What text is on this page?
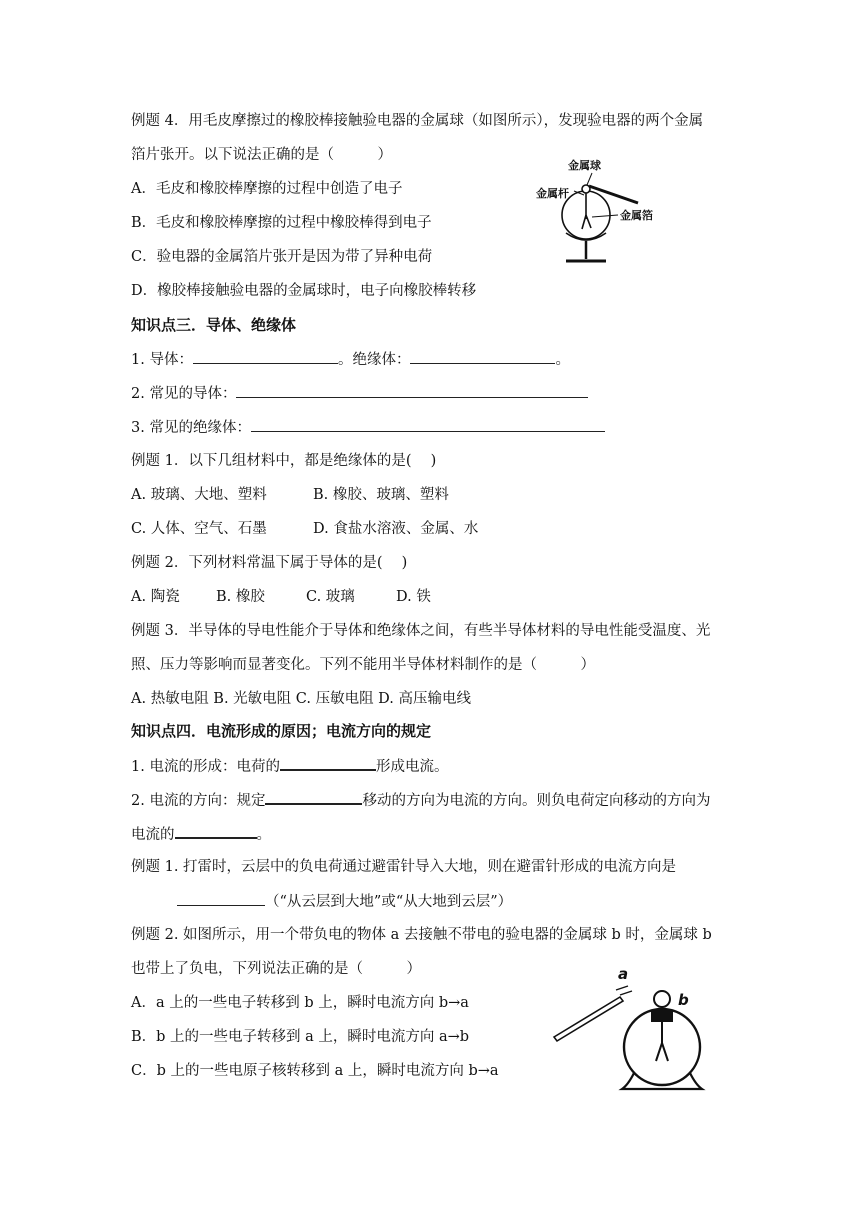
例题 4．用毛皮摩擦过的橡胶棒接触验电器的金属球（如图所示），发现验电器的两个金属
箔片张开。以下说法正确的是（　　　）
A．毛皮和橡胶棒摩擦的过程中创造了电子
B．毛皮和橡胶棒摩擦的过程中橡胶棒得到电子
C．验电器的金属箔片张开是因为带了异种电荷
D．橡胶棒接触验电器的金属球时，电子向橡胶棒转移
金属球
金属杆
金属箔
知识点三．导体、绝缘体
1. 导体：	。绝缘体：	。
2. 常见的导体：
3. 常见的绝缘体：
例题 1．以下几组材料中，都是绝缘体的是(　 )
A. 玻璃、大地、塑料	B. 橡胶、玻璃、塑料
C. 人体、空气、石墨	D. 食盐水溶液、金属、水
例题 2．下列材料常温下属于导体的是(　 )
A. 陶瓷	B. 橡胶	C. 玻璃	D. 铁
例题 3．半导体的导电性能介于导体和绝缘体之间，有些半导体材料的导电性能受温度、光
照、压力等影响而显著变化。下列不能用半导体材料制作的是（　　　）
A. 热敏电阻 B. 光敏电阻 C. 压敏电阻 D. 高压输电线
知识点四．电流形成的原因；电流方向的规定
1. 电流的形成：电荷的	形成电流。
2. 电流的方向：规定	移动的方向为电流的方向。则负电荷定向移动的方向为
电流的	。
例题 1. 打雷时，云层中的负电荷通过避雷针导入大地，则在避雷针形成的电流方向是
（“从云层到大地”或“从大地到云层”）
例题 2. 如图所示，用一个带负电的物体 a 去接触不带电的验电器的金属球 b 时，金属球 b
也带上了负电，下列说法正确的是（　　　）
A．a 上的一些电子转移到 b 上，瞬时电流方向 b→a
B．b 上的一些电子转移到 a 上，瞬时电流方向 a→b
C．b 上的一些电原子核转移到 a 上，瞬时电流方向 b→a
a
b
